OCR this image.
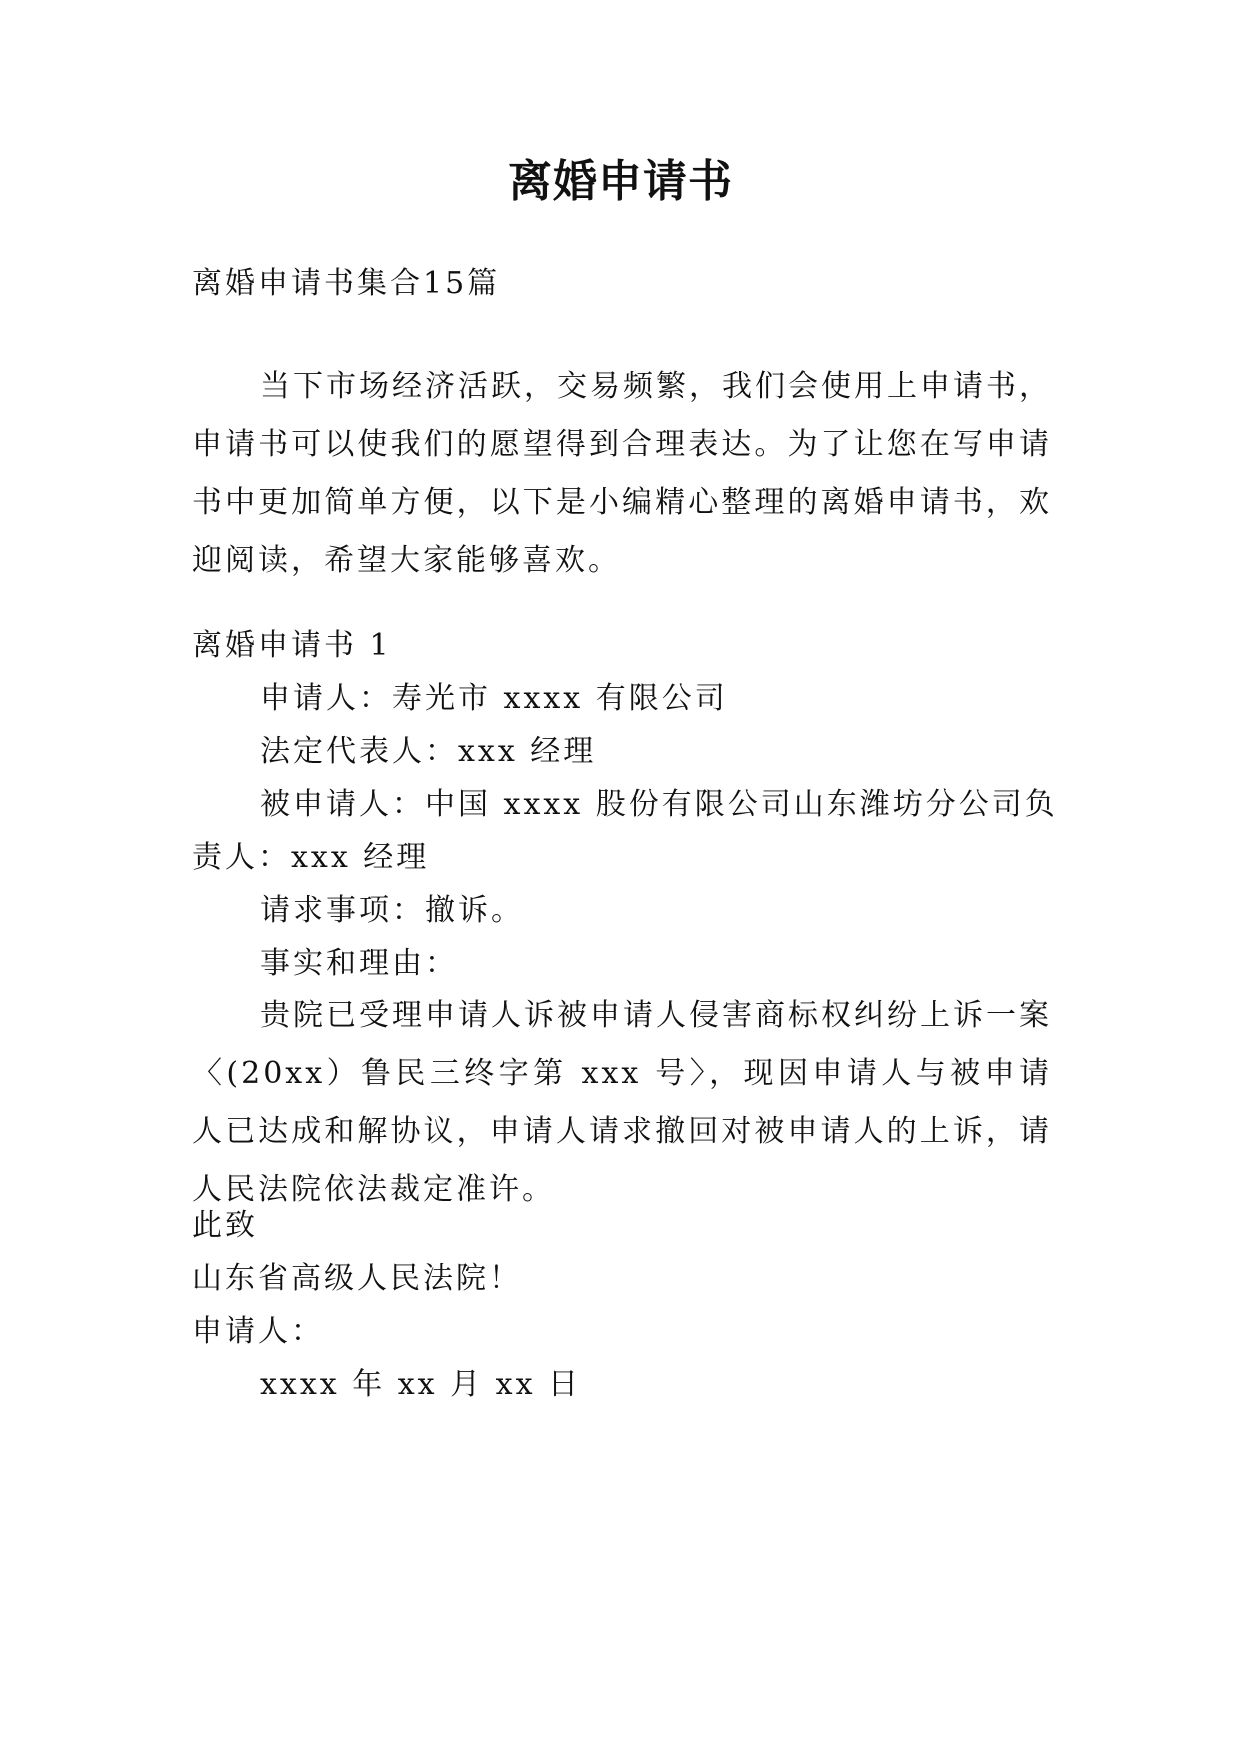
离婚申请书
离婚申请书集合15篇
当下市场经济活跃，交易频繁，我们会使用上申请书，申请书可以使我们的愿望得到合理表达。为了让您在写申请书中更加简单方便，以下是小编精心整理的离婚申请书，欢迎阅读，希望大家能够喜欢。
离婚申请书 1
申请人：寿光市 xxxx 有限公司
法定代表人：xxx 经理
被申请人：中国 xxxx 股份有限公司山东潍坊分公司负
责人：xxx 经理
请求事项：撤诉。
事实和理由：
贵院已受理申请人诉被申请人侵害商标权纠纷上诉一案〈(20xx）鲁民三终字第 xxx 号〉，现因申请人与被申请人已达成和解协议，申请人请求撤回对被申请人的上诉，请人民法院依法裁定准许。
此致
山东省高级人民法院！
申请人：
xxxx 年 xx 月 xx 日
